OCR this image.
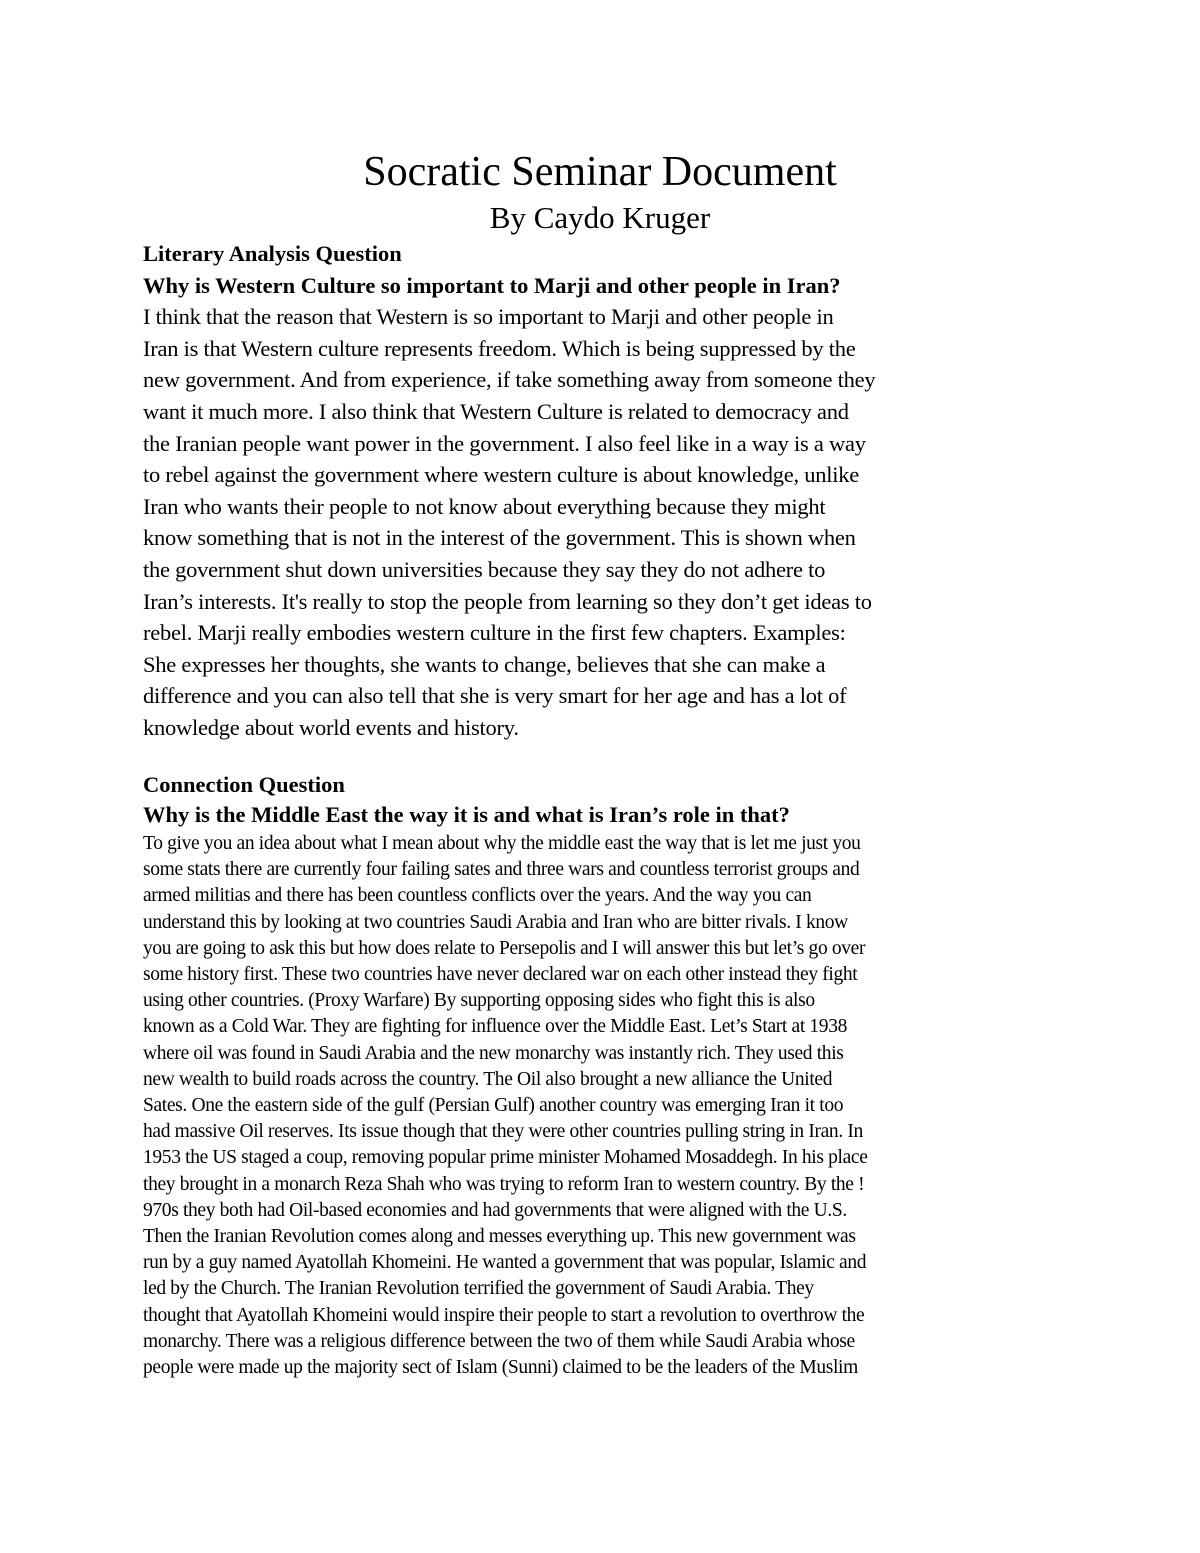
Socratic Seminar Document
By Caydo Kruger
Literary Analysis Question
Why is Western Culture so important to Marji and other people in Iran?
I think that the reason that Western is so important to Marji and other people in
Iran is that Western culture represents freedom. Which is being suppressed by the
new government. And from experience, if take something away from someone they
want it much more. I also think that Western Culture is related to democracy and
the Iranian people want power in the government. I also feel like in a way is a way
to rebel against the government where western culture is about knowledge, unlike
Iran who wants their people to not know about everything because they might
know something that is not in the interest of the government. This is shown when
the government shut down universities because they say they do not adhere to
Iran’s interests. It's really to stop the people from learning so they don’t get ideas to
rebel. Marji really embodies western culture in the first few chapters. Examples:
She expresses her thoughts, she wants to change, believes that she can make a
difference and you can also tell that she is very smart for her age and has a lot of
knowledge about world events and history.
Connection Question
Why is the Middle East the way it is and what is Iran’s role in that?
To give you an idea about what I mean about why the middle east the way that is let me just you
some stats there are currently four failing sates and three wars and countless terrorist groups and
armed militias and there has been countless conflicts over the years. And the way you can
understand this by looking at two countries Saudi Arabia and Iran who are bitter rivals. I know
you are going to ask this but how does relate to Persepolis and I will answer this but let’s go over
some history first. These two countries have never declared war on each other instead they fight
using other countries. (Proxy Warfare) By supporting opposing sides who fight this is also
known as a Cold War. They are fighting for influence over the Middle East. Let’s Start at 1938
where oil was found in Saudi Arabia and the new monarchy was instantly rich. They used this
new wealth to build roads across the country. The Oil also brought a new alliance the United
Sates. One the eastern side of the gulf (Persian Gulf) another country was emerging Iran it too
had massive Oil reserves. Its issue though that they were other countries pulling string in Iran. In
1953 the US staged a coup, removing popular prime minister Mohamed Mosaddegh. In his place
they brought in a monarch Reza Shah who was trying to reform Iran to western country. By the !
970s they both had Oil-based economies and had governments that were aligned with the U.S.
Then the Iranian Revolution comes along and messes everything up. This new government was
run by a guy named Ayatollah Khomeini. He wanted a government that was popular, Islamic and
led by the Church. The Iranian Revolution terrified the government of Saudi Arabia. They
thought that Ayatollah Khomeini would inspire their people to start a revolution to overthrow the
monarchy. There was a religious difference between the two of them while Saudi Arabia whose
people were made up the majority sect of Islam (Sunni) claimed to be the leaders of the Muslim
